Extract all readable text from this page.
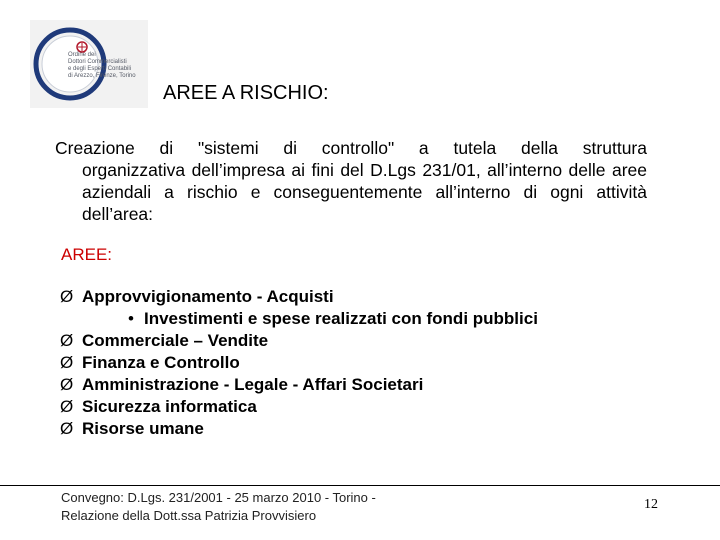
Ordine dei
Dottori Commercialisti
e degli Esperti Contabili
di Arezzo, Firenze, Torino
AREE A RISCHIO:

Creazione di "sistemi di controllo" a tutela della struttura
organizzativa dell’impresa ai fini del D.Lgs 231/01, all’interno delle aree aziendali a rischio e conseguentemente all’interno di ogni attività dell’area:

AREE:
Ø Approvvigionamento - Acquisti
• Investimenti e spese realizzati con fondi pubblici
Ø Commerciale – Vendite
Ø Finanza e Controllo
Ø Amministrazione - Legale - Affari Societari
Ø Sicurezza informatica
Ø Risorse umane
Convegno: D.Lgs. 231/2001 - 25 marzo 2010 - Torino -
Relazione della Dott.ssa Patrizia Provvisiero
12
